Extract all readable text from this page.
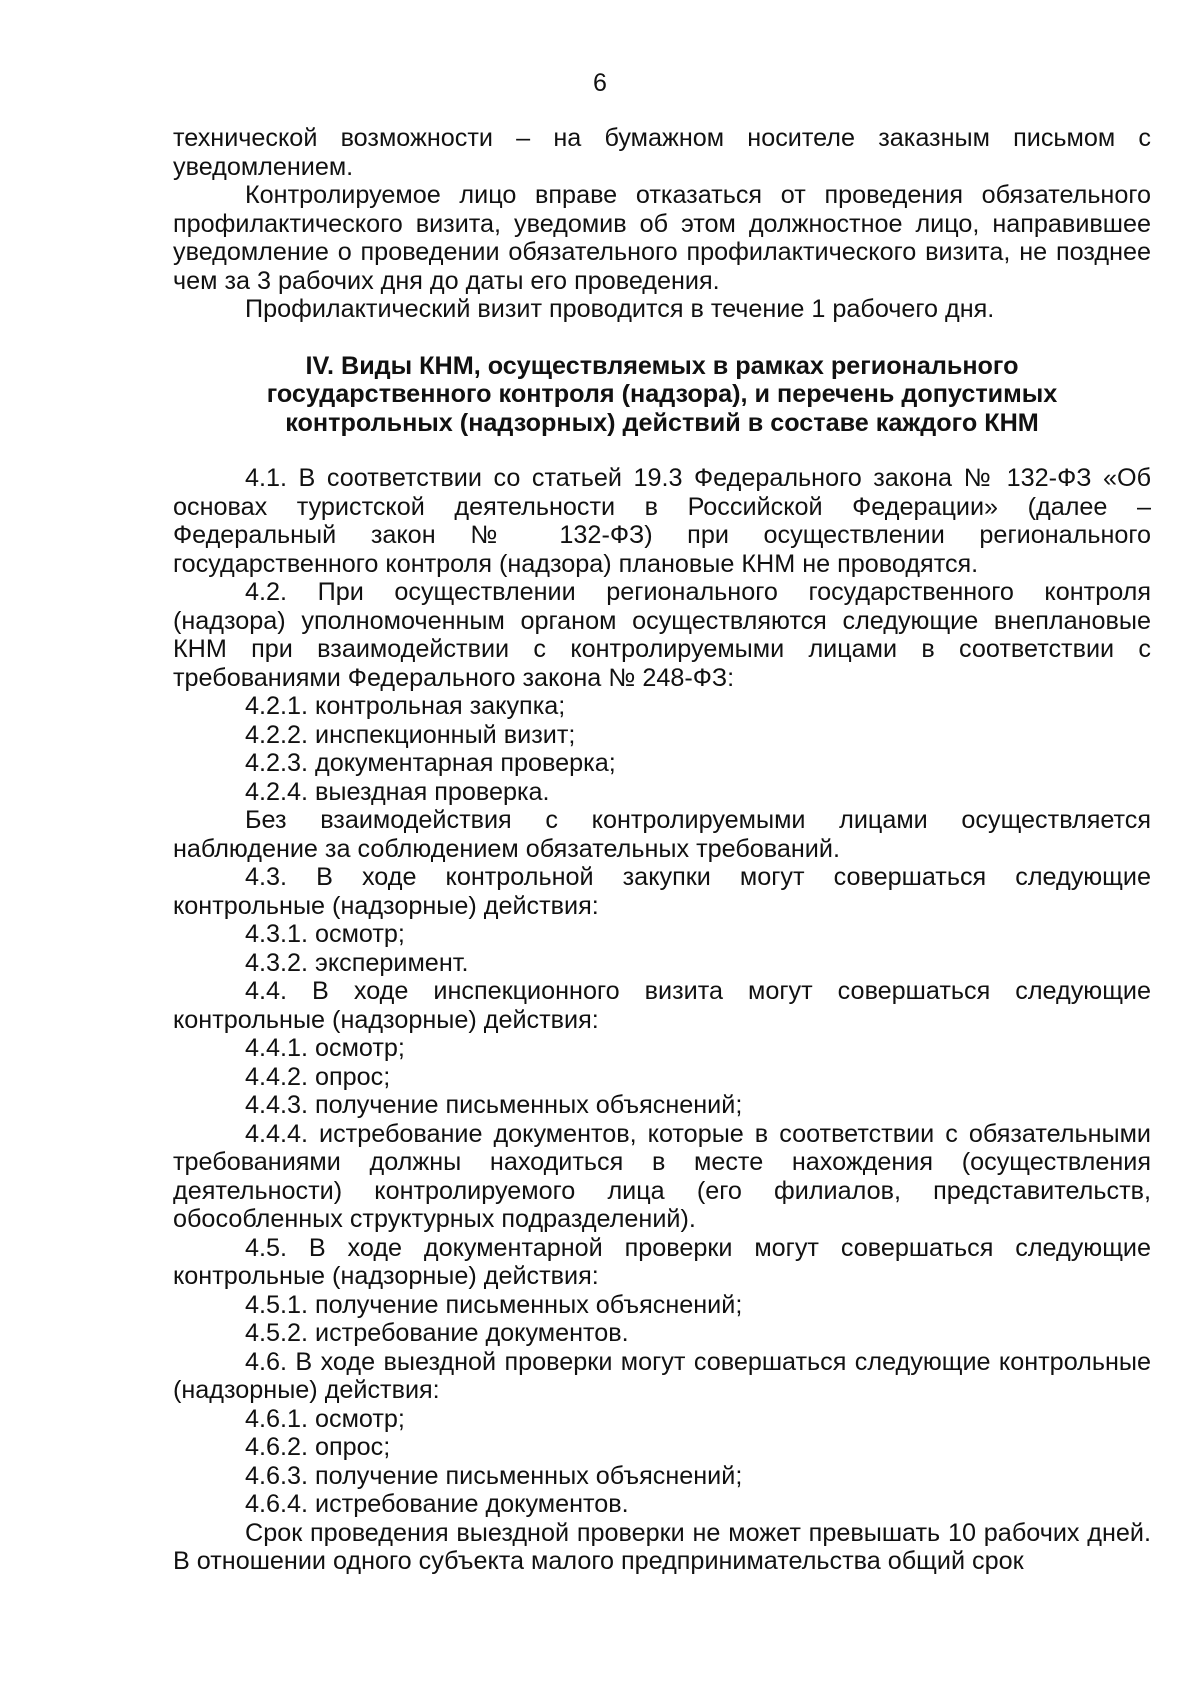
6

технической возможности – на бумажном носителе заказным письмом с уведомлением.

Контролируемое лицо вправе отказаться от проведения обязательного профилактического визита, уведомив об этом должностное лицо, направившее уведомление о проведении обязательного профилактического визита, не позднее чем за 3 рабочих дня до даты его проведения.

Профилактический визит проводится в течение 1 рабочего дня.

IV. Виды КНМ, осуществляемых в рамках регионального
государственного контроля (надзора), и перечень допустимых
контрольных (надзорных) действий в составе каждого КНМ

4.1. В соответствии со статьей 19.3 Федерального закона № 132-ФЗ «Об основах туристской деятельности в Российской Федерации» (далее – Федеральный закон № 132-ФЗ) при осуществлении регионального государственного контроля (надзора) плановые КНМ не проводятся.

4.2. При осуществлении регионального государственного контроля (надзора) уполномоченным органом осуществляются следующие внеплановые КНМ при взаимодействии с контролируемыми лицами в соответствии с требованиями Федерального закона № 248-ФЗ:

4.2.1. контрольная закупка;

4.2.2. инспекционный визит;

4.2.3. документарная проверка;

4.2.4. выездная проверка.

Без взаимодействия с контролируемыми лицами осуществляется наблюдение за соблюдением обязательных требований.

4.3. В ходе контрольной закупки могут совершаться следующие контрольные (надзорные) действия:

4.3.1. осмотр;

4.3.2. эксперимент.

4.4. В ходе инспекционного визита могут совершаться следующие контрольные (надзорные) действия:

4.4.1. осмотр;

4.4.2. опрос;

4.4.3. получение письменных объяснений;

4.4.4. истребование документов, которые в соответствии с обязательными требованиями должны находиться в месте нахождения (осуществления деятельности) контролируемого лица (его филиалов, представительств, обособленных структурных подразделений).

4.5. В ходе документарной проверки могут совершаться следующие контрольные (надзорные) действия:

4.5.1. получение письменных объяснений;

4.5.2. истребование документов.

4.6. В ходе выездной проверки могут совершаться следующие контрольные (надзорные) действия:

4.6.1. осмотр;

4.6.2. опрос;

4.6.3. получение письменных объяснений;

4.6.4. истребование документов.

Срок проведения выездной проверки не может превышать 10 рабочих дней. В отношении одного субъекта малого предпринимательства общий срок
